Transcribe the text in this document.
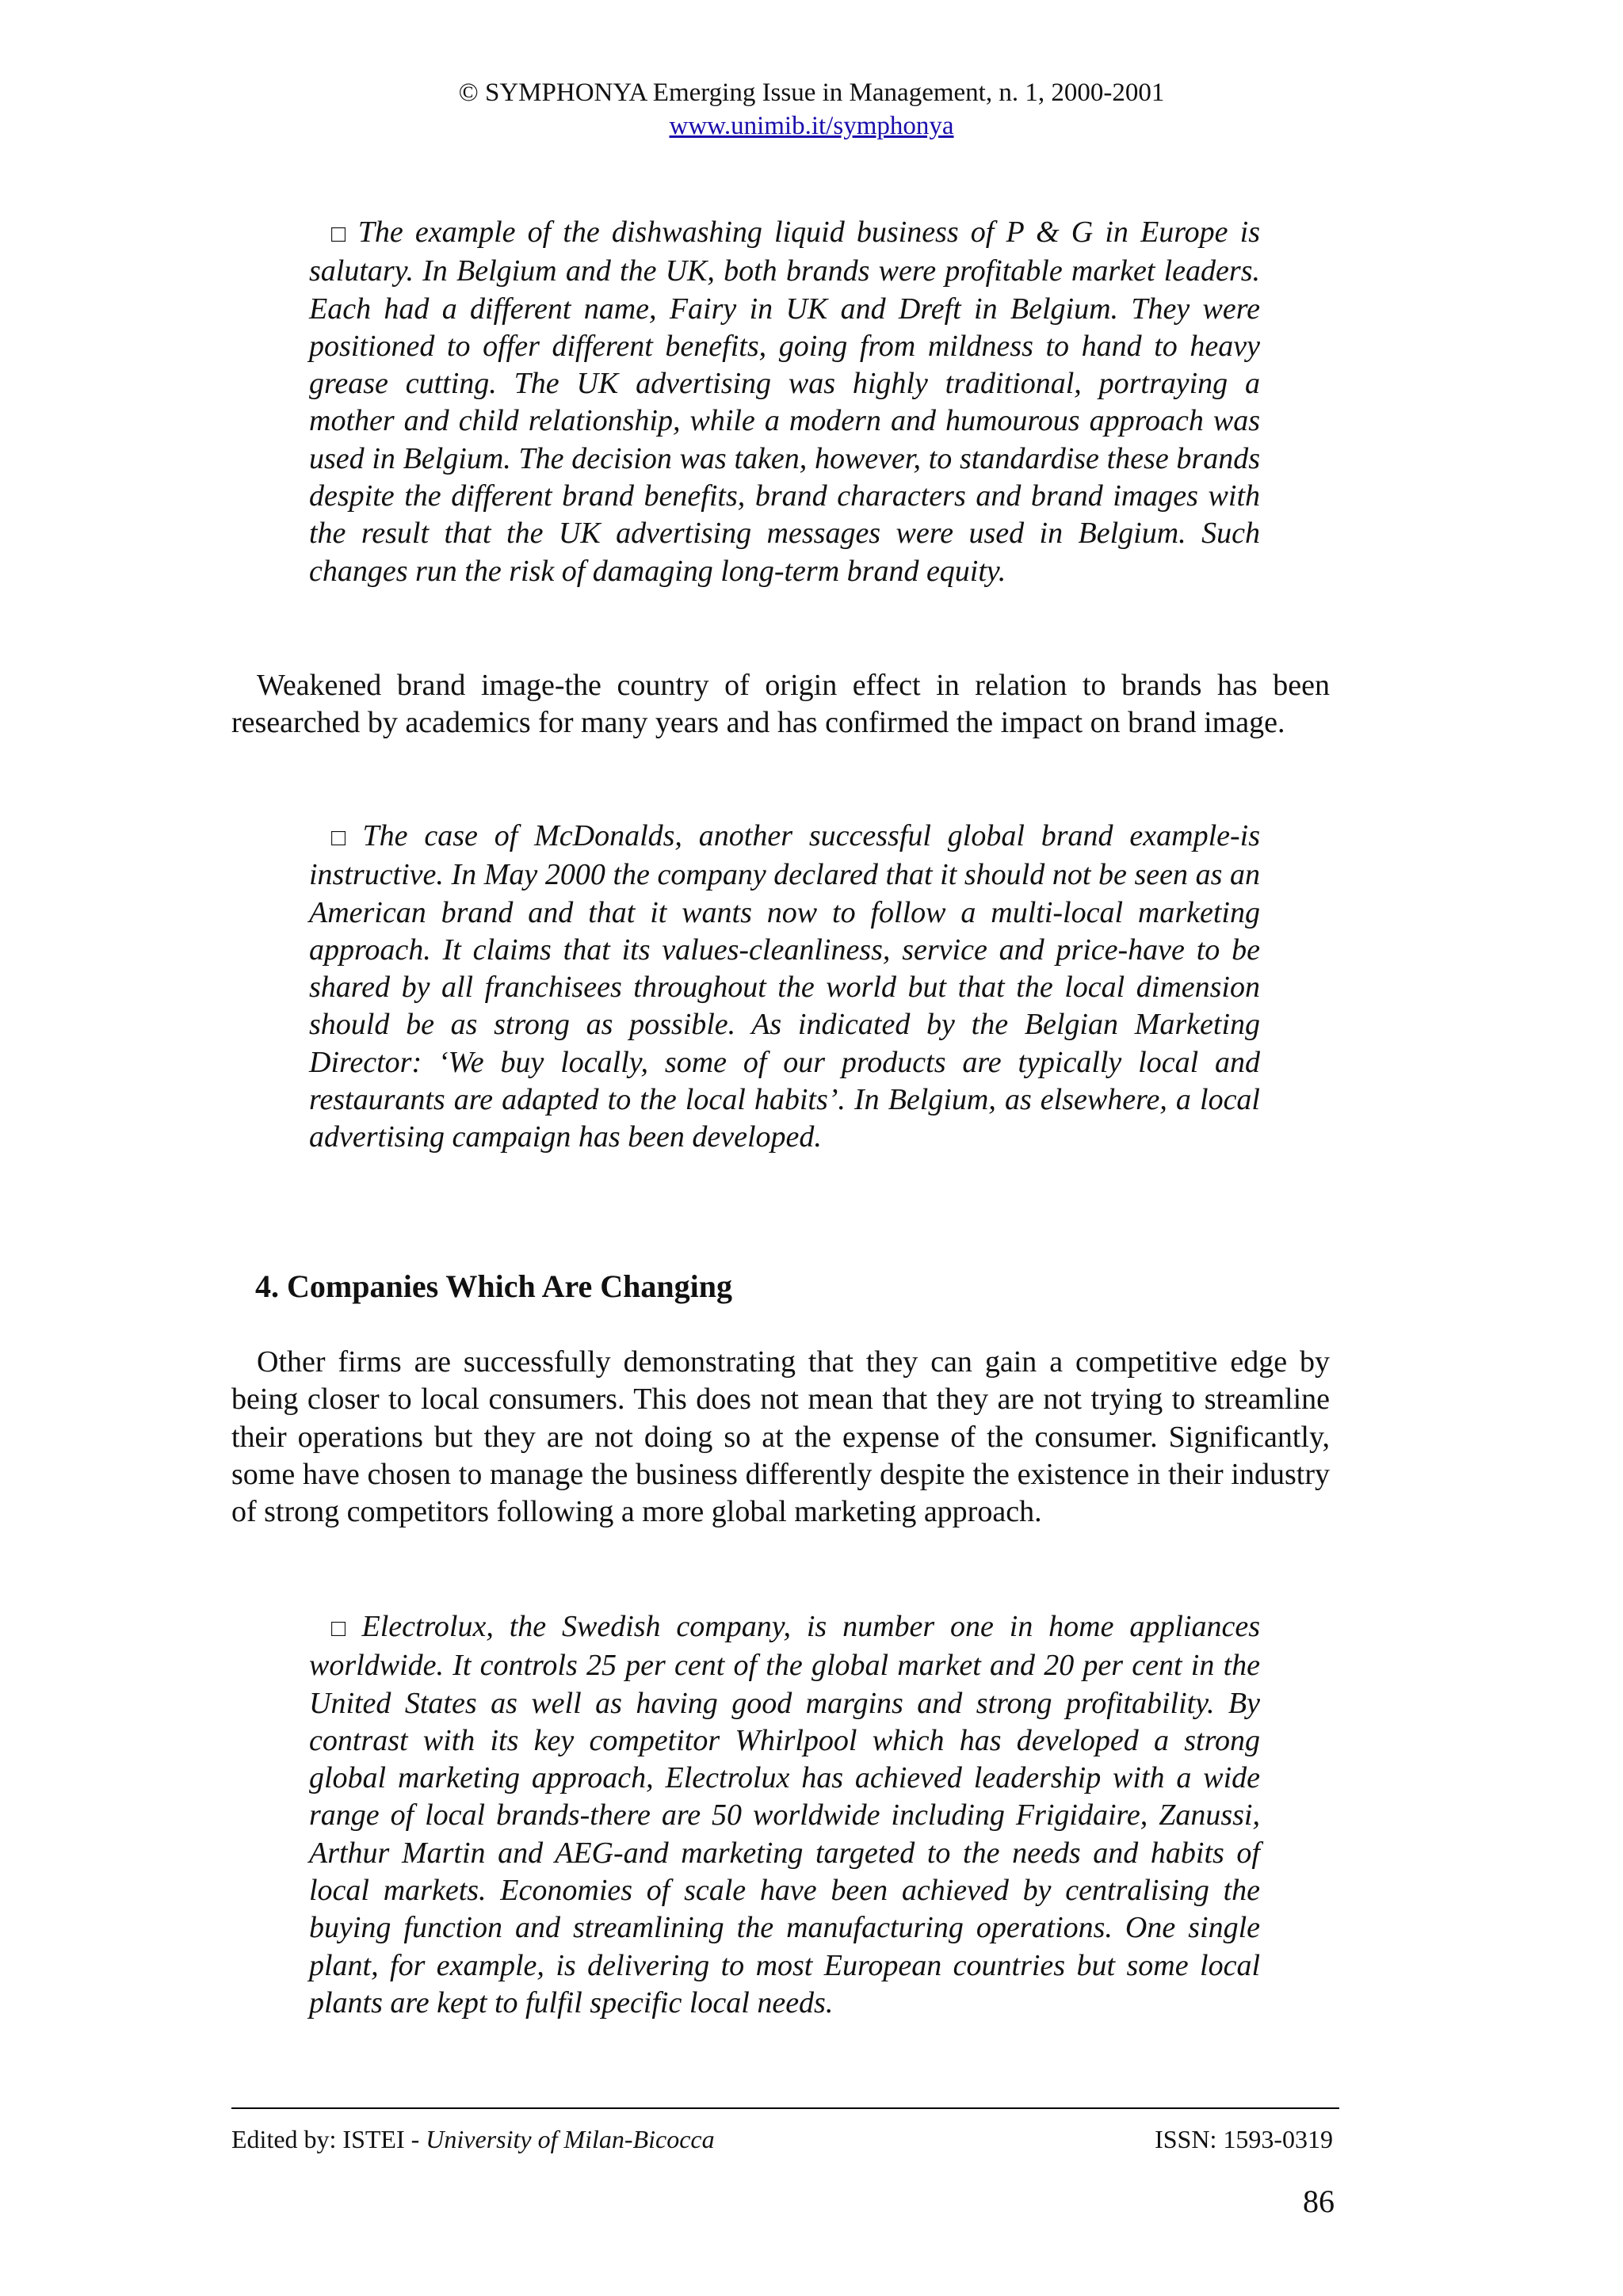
© SYMPHONYA Emerging Issue in Management, n. 1, 2000-2001
www.unimib.it/symphonya

□ The example of the dishwashing liquid business of P & G in Europe is salutary. In Belgium and the UK, both brands were profitable market leaders. Each had a different name, Fairy in UK and Dreft in Belgium. They were positioned to offer different benefits, going from mildness to hand to heavy grease cutting. The UK advertising was highly traditional, portraying a mother and child relationship, while a modern and humourous approach was used in Belgium. The decision was taken, however, to standardise these brands despite the different brand benefits, brand characters and brand images with the result that the UK advertising messages were used in Belgium. Such changes run the risk of damaging long-term brand equity.

Weakened brand image-the country of origin effect in relation to brands has been researched by academics for many years and has confirmed the impact on brand image.

□ The case of McDonalds, another successful global brand example-is instructive. In May 2000 the company declared that it should not be seen as an American brand and that it wants now to follow a multi-local marketing approach. It claims that its values-cleanliness, service and price-have to be shared by all franchisees throughout the world but that the local dimension should be as strong as possible. As indicated by the Belgian Marketing Director: ‘We buy locally, some of our products are typically local and restaurants are adapted to the local habits’. In Belgium, as elsewhere, a local advertising campaign has been developed.

4. Companies Which Are Changing
Other firms are successfully demonstrating that they can gain a competitive edge by being closer to local consumers. This does not mean that they are not trying to streamline their operations but they are not doing so at the expense of the consumer. Significantly, some have chosen to manage the business differently despite the existence in their industry of strong competitors following a more global marketing approach.

□ Electrolux, the Swedish company, is number one in home appliances worldwide. It controls 25 per cent of the global market and 20 per cent in the United States as well as having good margins and strong profitability. By contrast with its key competitor Whirlpool which has developed a strong global marketing approach, Electrolux has achieved leadership with a wide range of local brands-there are 50 worldwide including Frigidaire, Zanussi, Arthur Martin and AEG-and marketing targeted to the needs and habits of local markets. Economies of scale have been achieved by centralising the buying function and streamlining the manufacturing operations. One single plant, for example, is delivering to most European countries but some local plants are kept to fulfil specific local needs.

Edited by: ISTEI - University of Milan-Bicocca	ISSN: 1593-0319
86
